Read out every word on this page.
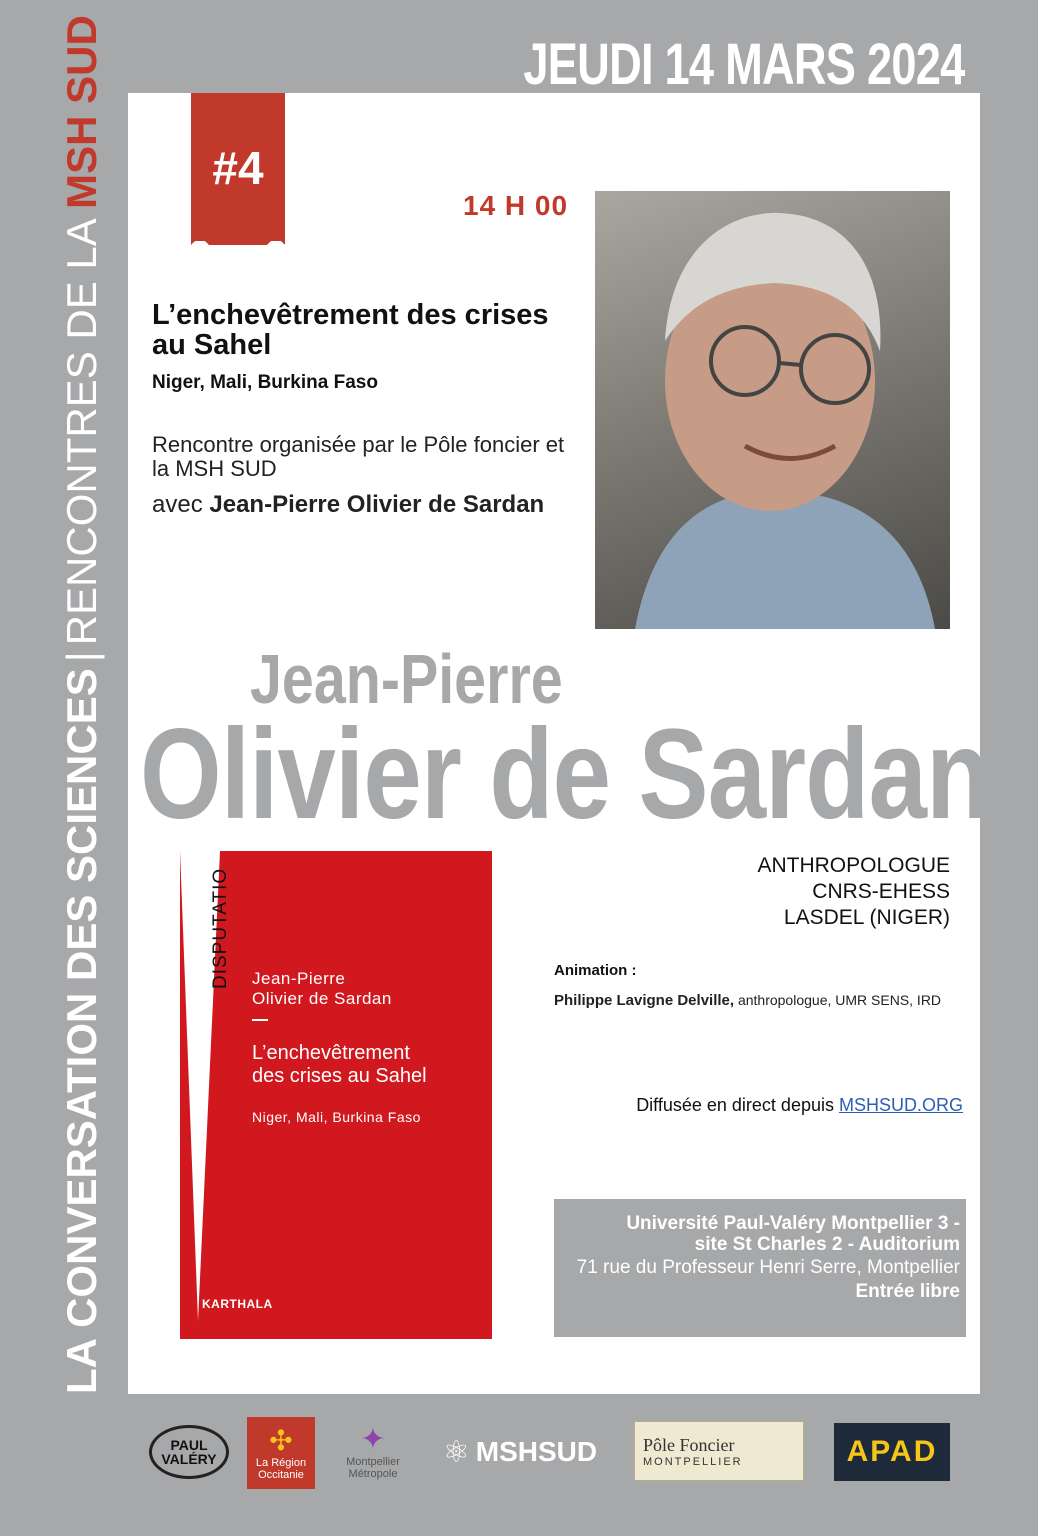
JEUDI 14 MARS 2024
LA CONVERSATION DES SCIENCES|RENCONTRES DE LA MSH SUD	#4
14 H 00
L’enchevêtrement des crises au Sahel
Niger, Mali, Burkina Faso
Rencontre organisée par le Pôle foncier et la MSH SUD
avec Jean-Pierre Olivier de Sardan
Jean-Pierre
Olivier de Sardan
DISPUTATIO Jean-Pierre
Olivier de Sardan
L’enchevêtrement
des crises au Sahel
Niger, Mali, Burkina Faso
KARTHALA
ANTHROPOLOGUE
CNRS-EHESS
LASDEL (NIGER)
Animation :
Philippe Lavigne Delville, anthropologue, UMR SENS, IRD
Diffusée en direct depuis MSHSUD.ORG
Université Paul-Valéry Montpellier 3 -
site St Charles 2 - Auditorium
71 rue du Professeur Henri Serre, Montpellier
Entrée libre
PAUL VALÉRY
✣
La Région
Occitanie
✦
Montpellier
Métropole
⚛ MSHSUD	Pôle Foncier
MONTPELLIER	APAD
